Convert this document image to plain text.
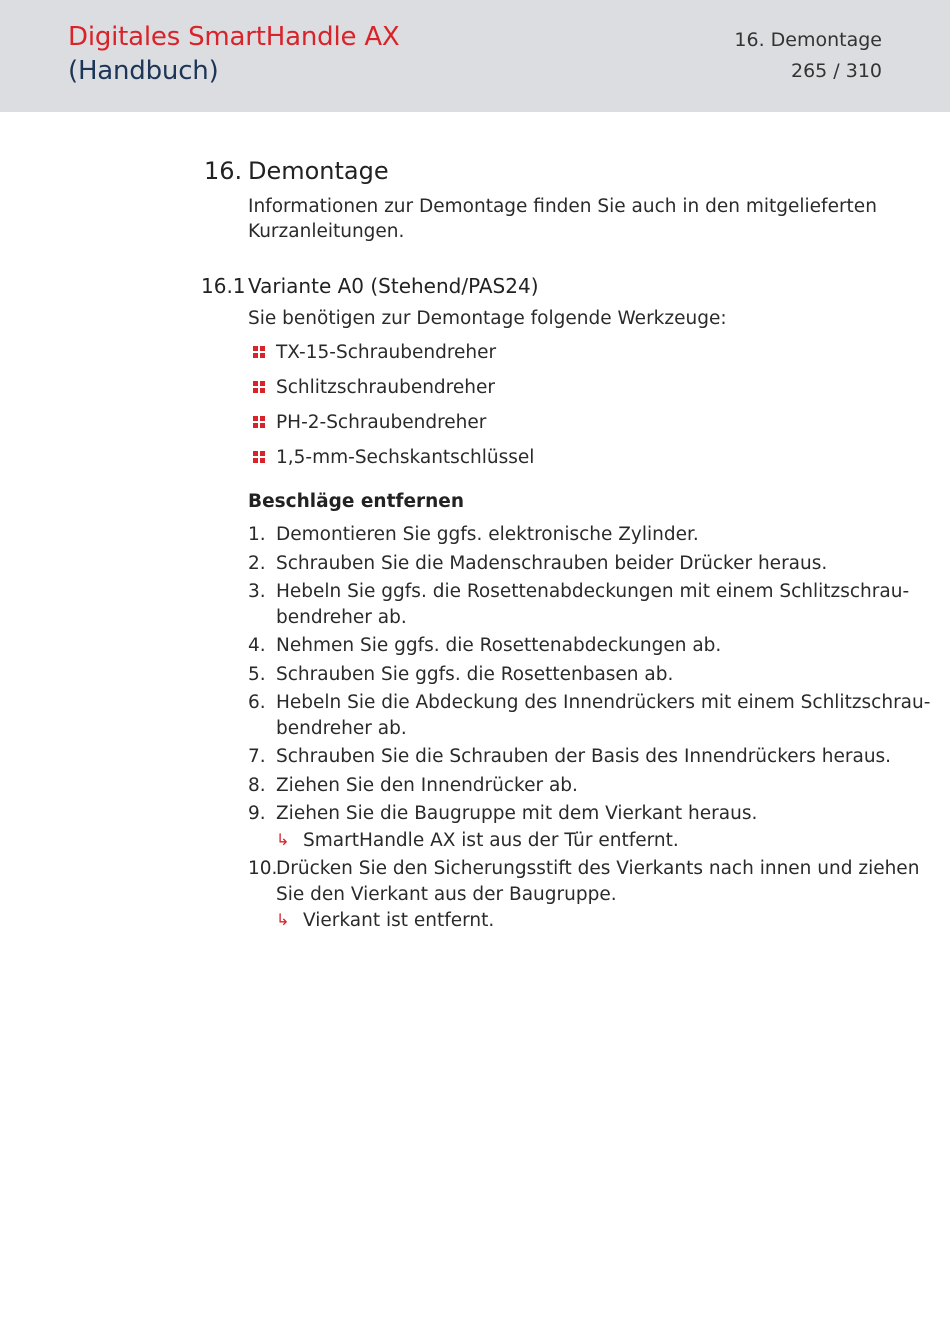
Digitales SmartHandle AX
(Handbuch)
16. Demontage
265 / 310
16. Demontage
Informationen zur Demontage finden Sie auch in den mitgelieferten
Kurzanleitungen.
16.1 Variante A0 (Stehend/PAS24)
Sie benötigen zur Demontage folgende Werkzeuge:
TX-15-Schraubendreher
Schlitzschraubendreher
PH-2-Schraubendreher
1,5-mm-Sechskantschlüssel
Beschläge entfernen
1. Demontieren Sie ggfs. elektronische Zylinder.
2. Schrauben Sie die Madenschrauben beider Drücker heraus.
3. Hebeln Sie ggfs. die Rosettenabdeckungen mit einem Schlitzschrau-
bendreher ab.
4. Nehmen Sie ggfs. die Rosettenabdeckungen ab.
5. Schrauben Sie ggfs. die Rosettenbasen ab.
6. Hebeln Sie die Abdeckung des Innendrückers mit einem Schlitzschrau-
bendreher ab.
7. Schrauben Sie die Schrauben der Basis des Innendrückers heraus.
8. Ziehen Sie den Innendrücker ab.
9. Ziehen Sie die Baugruppe mit dem Vierkant heraus.
↳ SmartHandle AX ist aus der Tür entfernt.
10.
Drücken Sie den Sicherungsstift des Vierkants nach innen und ziehen
Sie den Vierkant aus der Baugruppe.
↳ Vierkant ist entfernt.
